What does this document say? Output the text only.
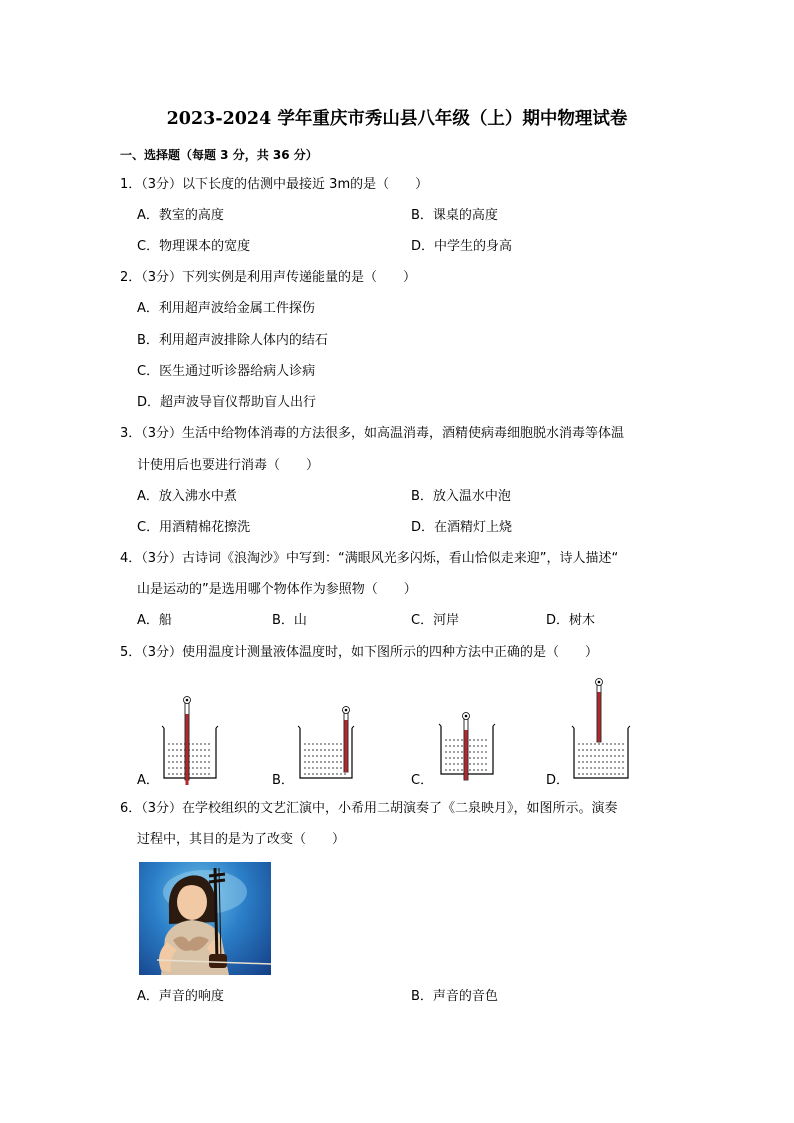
2023-2024 学年重庆市秀山县八年级（上）期中物理试卷
一、选择题（每题 3 分，共 36 分）
1．（3分）以下长度的估测中最接近 3m的是（　　）
A．教室的高度	B．课桌的高度
C．物理课本的宽度	D．中学生的身高
2．（3分）下列实例是利用声传递能量的是（　　）
A．利用超声波给金属工件探伤
B．利用超声波排除人体内的结石
C．医生通过听诊器给病人诊病
D．超声波导盲仪帮助盲人出行
3．（3分）生活中给物体消毒的方法很多，如高温消毒，酒精使病毒细胞脱水消毒等体温
计使用后也要进行消毒（　　）
A．放入沸水中煮	B．放入温水中泡
C．用酒精棉花擦洗	D．在酒精灯上烧
4．（3分）古诗词《浪淘沙》中写到：“满眼风光多闪烁，看山恰似走来迎”，诗人描述“
山是运动的”是选用哪个物体作为参照物（　　）
A．船	B．山	C．河岸	D．树木
5．（3分）使用温度计测量液体温度时，如下图所示的四种方法中正确的是（　　）
A．	B．	C．	D．
6．（3分）在学校组织的文艺汇演中，小希用二胡演奏了《二泉映月》，如图所示。演奏
过程中，其目的是为了改变（　　）
A．声音的响度	B．声音的音色
